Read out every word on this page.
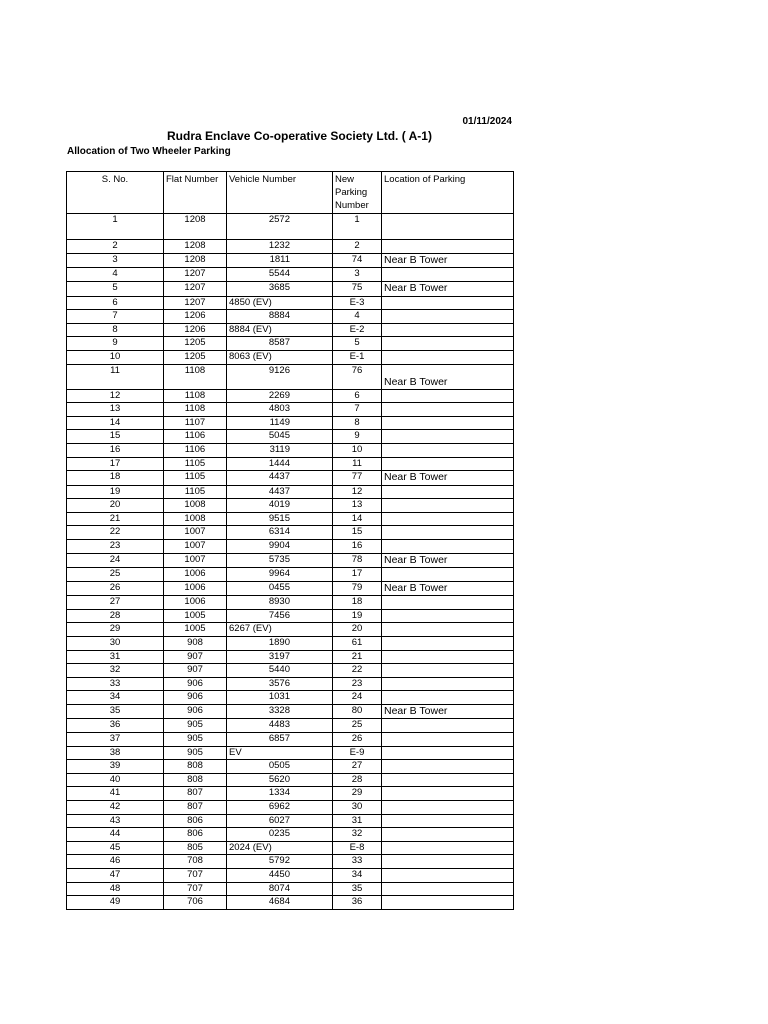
01/11/2024
Rudra Enclave Co-operative Society Ltd. ( A-1)
Allocation of Two Wheeler Parking
S. No.	Flat Number	Vehicle Number	New Parking Number	Location of Parking
1	1208	2572	1	
2	1208	1232	2	
3	1208	1811	74	Near B Tower
4	1207	5544	3	
5	1207	3685	75	Near B Tower
6	1207	4850 (EV)	E-3	
7	1206	8884	4	
8	1206	8884 (EV)	E-2	
9	1205	8587	5	
10	1205	8063 (EV)	E-1	
11	1108	9126	76	Near B Tower
12	1108	2269	6	
13	1108	4803	7	
14	1107	1149	8	
15	1106	5045	9	
16	1106	3119	10	
17	1105	1444	11	
18	1105	4437	77	Near B Tower
19	1105	4437	12	
20	1008	4019	13	
21	1008	9515	14	
22	1007	6314	15	
23	1007	9904	16	
24	1007	5735	78	Near B Tower
25	1006	9964	17	
26	1006	0455	79	Near B Tower
27	1006	8930	18	
28	1005	7456	19	
29	1005	6267 (EV)	20	
30	908	1890	61	
31	907	3197	21	
32	907	5440	22	
33	906	3576	23	
34	906	1031	24	
35	906	3328	80	Near B Tower
36	905	4483	25	
37	905	6857	26	
38	905	EV	E-9	
39	808	0505	27	
40	808	5620	28	
41	807	1334	29	
42	807	6962	30	
43	806	6027	31	
44	806	0235	32	
45	805	2024 (EV)	E-8	
46	708	5792	33	
47	707	4450	34	
48	707	8074	35	
49	706	4684	36	
